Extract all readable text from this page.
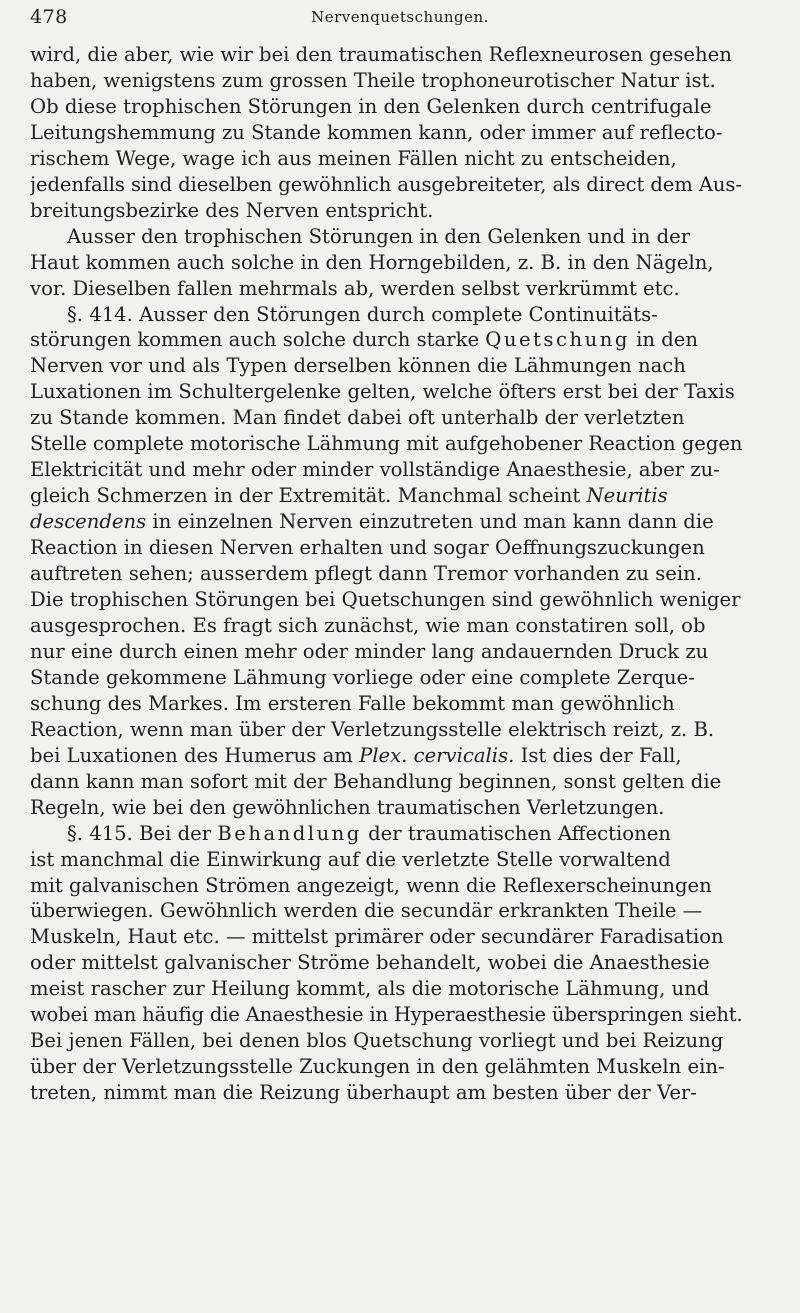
478	Nervenquetschungen.
wird, die aber, wie wir bei den traumatischen Reflexneurosen gesehen
haben, wenigstens zum grossen Theile trophoneurotischer Natur ist.
Ob diese trophischen Störungen in den Gelenken durch centrifugale
Leitungshemmung zu Stande kommen kann, oder immer auf reflecto-
rischem Wege, wage ich aus meinen Fällen nicht zu entscheiden,
jedenfalls sind dieselben gewöhnlich ausgebreiteter, als direct dem Aus-
breitungsbezirke des Nerven entspricht.
Ausser den trophischen Störungen in den Gelenken und in der
Haut kommen auch solche in den Horngebilden, z. B. in den Nägeln,
vor. Dieselben fallen mehrmals ab, werden selbst verkrümmt etc.
§. 414. Ausser den Störungen durch complete Continuitäts-
störungen kommen auch solche durch starke Quetschung in den
Nerven vor und als Typen derselben können die Lähmungen nach
Luxationen im Schultergelenke gelten, welche öfters erst bei der Taxis
zu Stande kommen. Man findet dabei oft unterhalb der verletzten
Stelle complete motorische Lähmung mit aufgehobener Reaction gegen
Elektricität und mehr oder minder vollständige Anaesthesie, aber zu-
gleich Schmerzen in der Extremität. Manchmal scheint Neuritis
descendens in einzelnen Nerven einzutreten und man kann dann die
Reaction in diesen Nerven erhalten und sogar Oeffnungszuckungen
auftreten sehen; ausserdem pflegt dann Tremor vorhanden zu sein.
Die trophischen Störungen bei Quetschungen sind gewöhnlich weniger
ausgesprochen. Es fragt sich zunächst, wie man constatiren soll, ob
nur eine durch einen mehr oder minder lang andauernden Druck zu
Stande gekommene Lähmung vorliege oder eine complete Zerque-
schung des Markes. Im ersteren Falle bekommt man gewöhnlich
Reaction, wenn man über der Verletzungsstelle elektrisch reizt, z. B.
bei Luxationen des Humerus am Plex. cervicalis. Ist dies der Fall,
dann kann man sofort mit der Behandlung beginnen, sonst gelten die
Regeln, wie bei den gewöhnlichen traumatischen Verletzungen.
§. 415. Bei der Behandlung der traumatischen Affectionen
ist manchmal die Einwirkung auf die verletzte Stelle vorwaltend
mit galvanischen Strömen angezeigt, wenn die Reflexerscheinungen
überwiegen. Gewöhnlich werden die secundär erkrankten Theile —
Muskeln, Haut etc. — mittelst primärer oder secundärer Faradisation
oder mittelst galvanischer Ströme behandelt, wobei die Anaesthesie
meist rascher zur Heilung kommt, als die motorische Lähmung, und
wobei man häufig die Anaesthesie in Hyperaesthesie überspringen sieht.
Bei jenen Fällen, bei denen blos Quetschung vorliegt und bei Reizung
über der Verletzungsstelle Zuckungen in den gelähmten Muskeln ein-
treten, nimmt man die Reizung überhaupt am besten über der Ver-
